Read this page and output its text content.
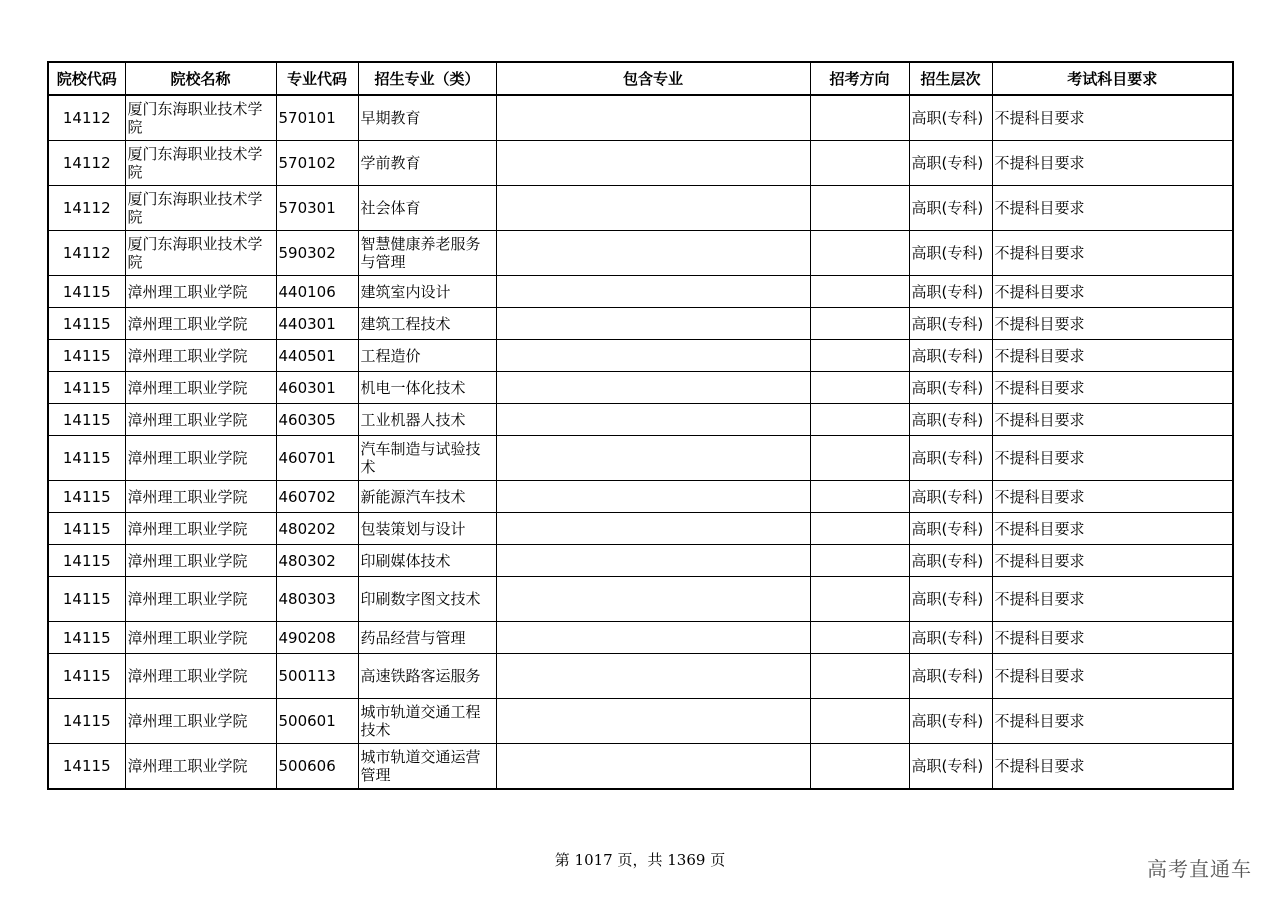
院校代码	院校名称	专业代码	招生专业（类）	包含专业	招考方向	招生层次	考试科目要求
14112	厦门东海职业技术学院	570101	早期教育			高职(专科)	不提科目要求
14112	厦门东海职业技术学院	570102	学前教育			高职(专科)	不提科目要求
14112	厦门东海职业技术学院	570301	社会体育			高职(专科)	不提科目要求
14112	厦门东海职业技术学院	590302	智慧健康养老服务与管理			高职(专科)	不提科目要求
14115	漳州理工职业学院	440106	建筑室内设计			高职(专科)	不提科目要求
14115	漳州理工职业学院	440301	建筑工程技术			高职(专科)	不提科目要求
14115	漳州理工职业学院	440501	工程造价			高职(专科)	不提科目要求
14115	漳州理工职业学院	460301	机电一体化技术			高职(专科)	不提科目要求
14115	漳州理工职业学院	460305	工业机器人技术			高职(专科)	不提科目要求
14115	漳州理工职业学院	460701	汽车制造与试验技术			高职(专科)	不提科目要求
14115	漳州理工职业学院	460702	新能源汽车技术			高职(专科)	不提科目要求
14115	漳州理工职业学院	480202	包装策划与设计			高职(专科)	不提科目要求
14115	漳州理工职业学院	480302	印刷媒体技术			高职(专科)	不提科目要求
14115	漳州理工职业学院	480303	印刷数字图文技术			高职(专科)	不提科目要求
14115	漳州理工职业学院	490208	药品经营与管理			高职(专科)	不提科目要求
14115	漳州理工职业学院	500113	高速铁路客运服务			高职(专科)	不提科目要求
14115	漳州理工职业学院	500601	城市轨道交通工程技术			高职(专科)	不提科目要求
14115	漳州理工职业学院	500606	城市轨道交通运营管理			高职(专科)	不提科目要求
第 1017 页，共 1369 页	高考直通车
